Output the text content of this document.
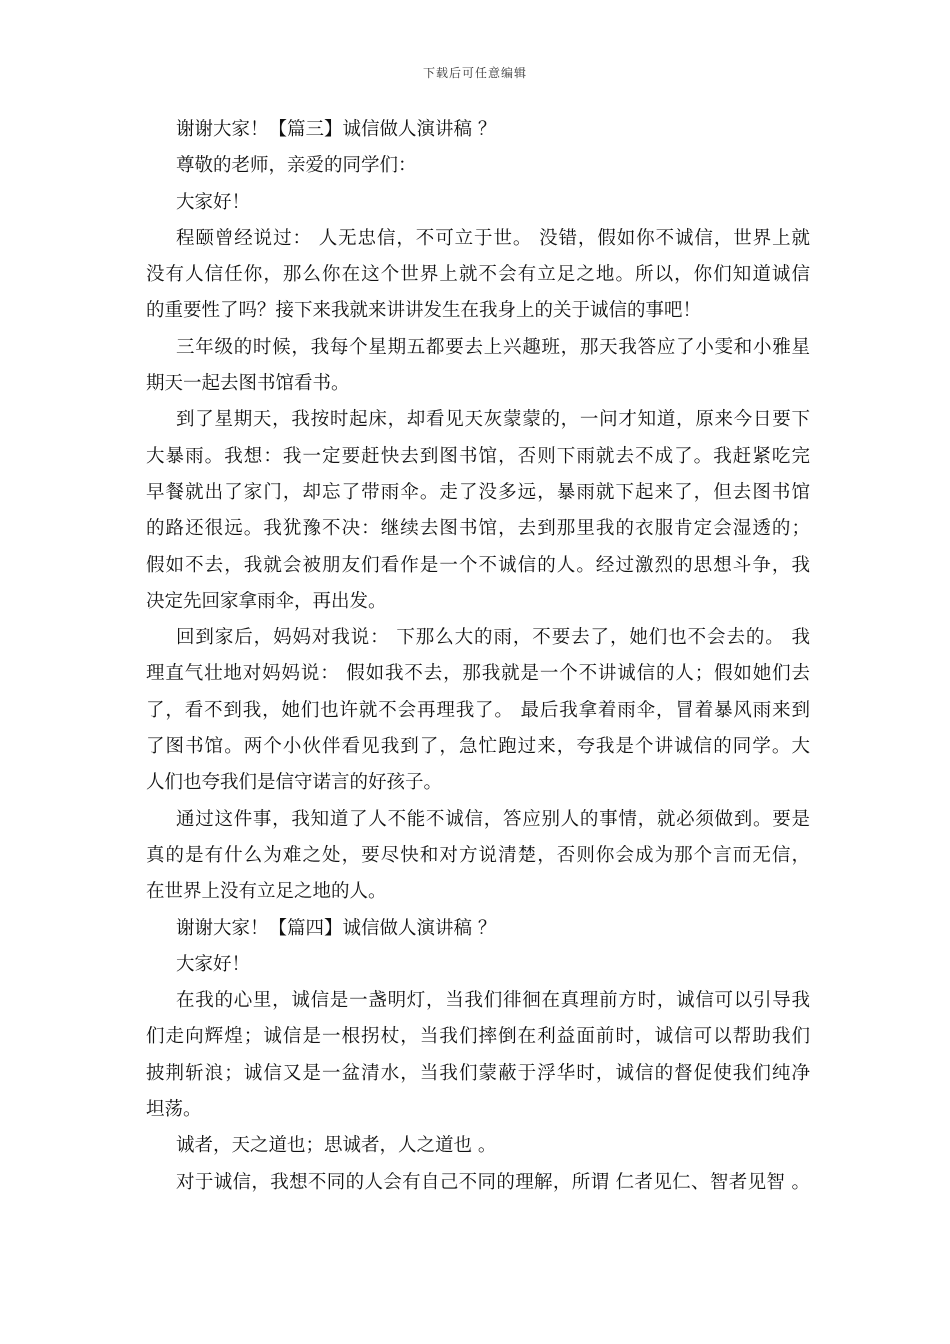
下载后可任意编辑
谢谢大家！【篇三】诚信做人演讲稿 ？
尊敬的老师，亲爱的同学们：
大家好！
程颐曾经说过： 人无忠信，不可立于世。 没错，假如你不诚信，世界上就
没有人信任你，那么你在这个世界上就不会有立足之地。所以，你们知道诚信
的重要性了吗？接下来我就来讲讲发生在我身上的关于诚信的事吧！
三年级的时候，我每个星期五都要去上兴趣班，那天我答应了小雯和小雅星
期天一起去图书馆看书。
到了星期天，我按时起床，却看见天灰蒙蒙的，一问才知道，原来今日要下
大暴雨。我想：我一定要赶快去到图书馆，否则下雨就去不成了。我赶紧吃完
早餐就出了家门，却忘了带雨伞。走了没多远，暴雨就下起来了，但去图书馆
的路还很远。我犹豫不决：继续去图书馆，去到那里我的衣服肯定会湿透的；
假如不去，我就会被朋友们看作是一个不诚信的人。经过激烈的思想斗争，我
决定先回家拿雨伞，再出发。
回到家后，妈妈对我说： 下那么大的雨，不要去了，她们也不会去的。 我
理直气壮地对妈妈说： 假如我不去，那我就是一个不讲诚信的人；假如她们去
了，看不到我，她们也许就不会再理我了。 最后我拿着雨伞，冒着暴风雨来到
了图书馆。两个小伙伴看见我到了，急忙跑过来，夸我是个讲诚信的同学。大
人们也夸我们是信守诺言的好孩子。
通过这件事，我知道了人不能不诚信，答应别人的事情，就必须做到。要是
真的是有什么为难之处，要尽快和对方说清楚，否则你会成为那个言而无信，
在世界上没有立足之地的人。
谢谢大家！【篇四】诚信做人演讲稿 ？
大家好！
在我的心里，诚信是一盏明灯，当我们徘徊在真理前方时，诚信可以引导我
们走向辉煌；诚信是一根拐杖，当我们摔倒在利益面前时，诚信可以帮助我们
披荆斩浪；诚信又是一盆清水，当我们蒙蔽于浮华时，诚信的督促使我们纯净
坦荡。
诚者，天之道也；思诚者，人之道也 。
对于诚信，我想不同的人会有自己不同的理解，所谓 仁者见仁、智者见智 。
